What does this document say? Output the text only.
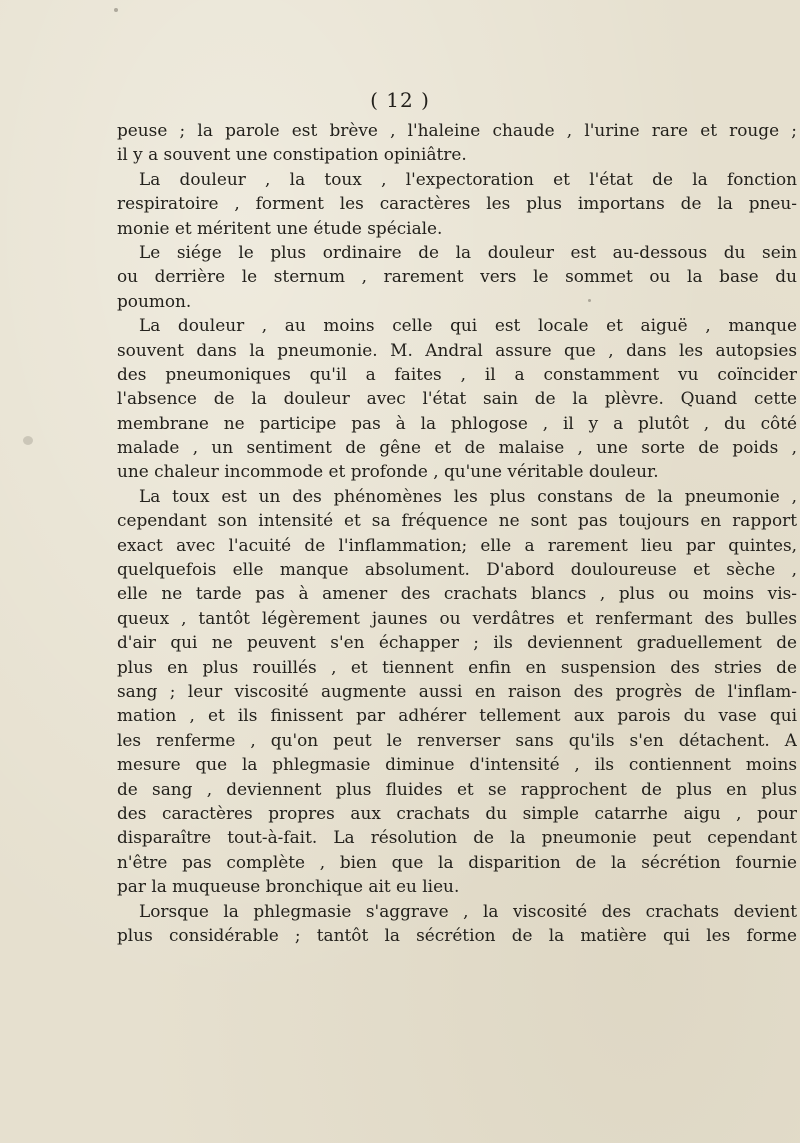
( 12 )

peuse ; la parole est brève , l'haleine chaude , l'urine rare et rouge ;
il y a souvent une constipation opiniâtre.
La douleur , la toux , l'expectoration et l'état de la fonction
respiratoire , forment les caractères les plus importans de la pneu-
monie et méritent une étude spéciale.
Le siége le plus ordinaire de la douleur est au-dessous du sein
ou derrière le sternum , rarement vers le sommet ou la base du
poumon.
La douleur , au moins celle qui est locale et aiguë , manque
souvent dans la pneumonie. M. Andral assure que , dans les autopsies
des pneumoniques qu'il a faites , il a constamment vu coïncider
l'absence de la douleur avec l'état sain de la plèvre. Quand cette
membrane ne participe pas à la phlogose , il y a plutôt , du côté
malade , un sentiment de gêne et de malaise , une sorte de poids ,
une chaleur incommode et profonde , qu'une véritable douleur.
La toux est un des phénomènes les plus constans de la pneumonie ,
cependant son intensité et sa fréquence ne sont pas toujours en rapport
exact avec l'acuité de l'inflammation; elle a rarement lieu par quintes,
quelquefois elle manque absolument. D'abord douloureuse et sèche ,
elle ne tarde pas à amener des crachats blancs , plus ou moins vis-
queux , tantôt légèrement jaunes ou verdâtres et renfermant des bulles
d'air qui ne peuvent s'en échapper ; ils deviennent graduellement de
plus en plus rouillés , et tiennent enfin en suspension des stries de
sang ; leur viscosité augmente aussi en raison des progrès de l'inflam-
mation , et ils finissent par adhérer tellement aux parois du vase qui
les renferme , qu'on peut le renverser sans qu'ils s'en détachent. A
mesure que la phlegmasie diminue d'intensité , ils contiennent moins
de sang , deviennent plus fluides et se rapprochent de plus en plus
des caractères propres aux crachats du simple catarrhe aigu , pour
disparaître tout-à-fait. La résolution de la pneumonie peut cependant
n'être pas complète , bien que la disparition de la sécrétion fournie
par la muqueuse bronchique ait eu lieu.
Lorsque la phlegmasie s'aggrave , la viscosité des crachats devient
plus considérable ; tantôt la sécrétion de la matière qui les forme
